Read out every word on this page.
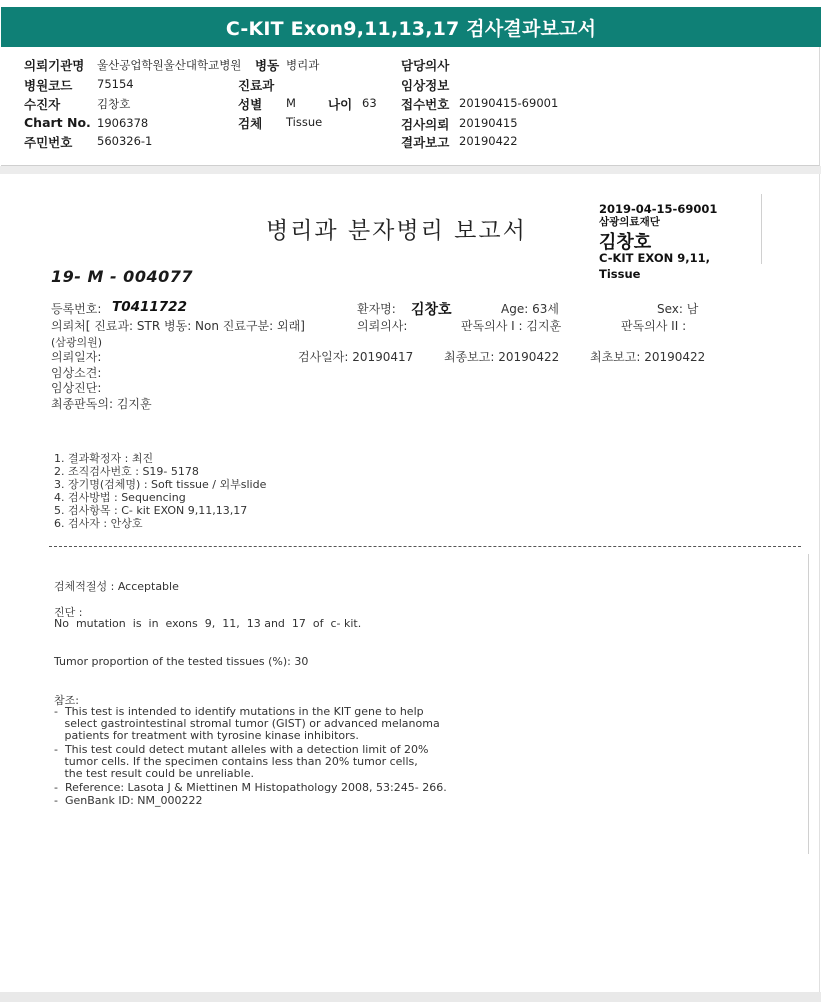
C-KIT Exon9,11,13,17 검사결과보고서
의뢰기관명 울산공업학원울산대학교병원 병동 병리과	담당의사
병원코드 75154	진료과	임상정보
수진자	김창호	성별 M	나이 63 접수번호 20190415-69001
Chart No. 1906378	검체 Tissue	검사의뢰 20190415
주민번호 560326-1	결과보고 20190422
병리과 분자병리 보고서
2019-04-15-69001
삼광의료재단
김창호
C-KIT EXON 9,11,
Tissue
19- M - 004077
등록번호: T0411722	환자명: 김창호	Age: 63세	Sex: 남
의뢰처[ 진료과: STR 병동: Non 진료구분: 외래]	의뢰의사:	판독의사 I : 김지훈	판독의사 II :
(삼광의원)
의뢰일자:	검사일자: 20190417	최종보고: 20190422	최초보고: 20190422
임상소견:
임상진단:
최종판독의: 김지훈
1. 결과확정자 : 최진
2. 조직검사번호 : S19- 5178
3. 장기명(검체명) : Soft tissue / 외부slide
4. 검사방법 : Sequencing
5. 검사항목 : C- kit EXON 9,11,13,17
6. 검사자 : 안상호
검체적절성 : Acceptable
진단 :
No  mutation  is  in  exons  9,  11,  13 and  17  of  c- kit.
Tumor proportion of the tested tissues (%): 30
참조:
-  This test is intended to identify mutations in the KIT gene to help
select gastrointestinal stromal tumor (GIST) or advanced melanoma
patients for treatment with tyrosine kinase inhibitors.
-  This test could detect mutant alleles with a detection limit of 20%
tumor cells. If the specimen contains less than 20% tumor cells,
the test result could be unreliable.
-  Reference: Lasota J & Miettinen M Histopathology 2008, 53:245- 266.
-  GenBank ID: NM_000222
